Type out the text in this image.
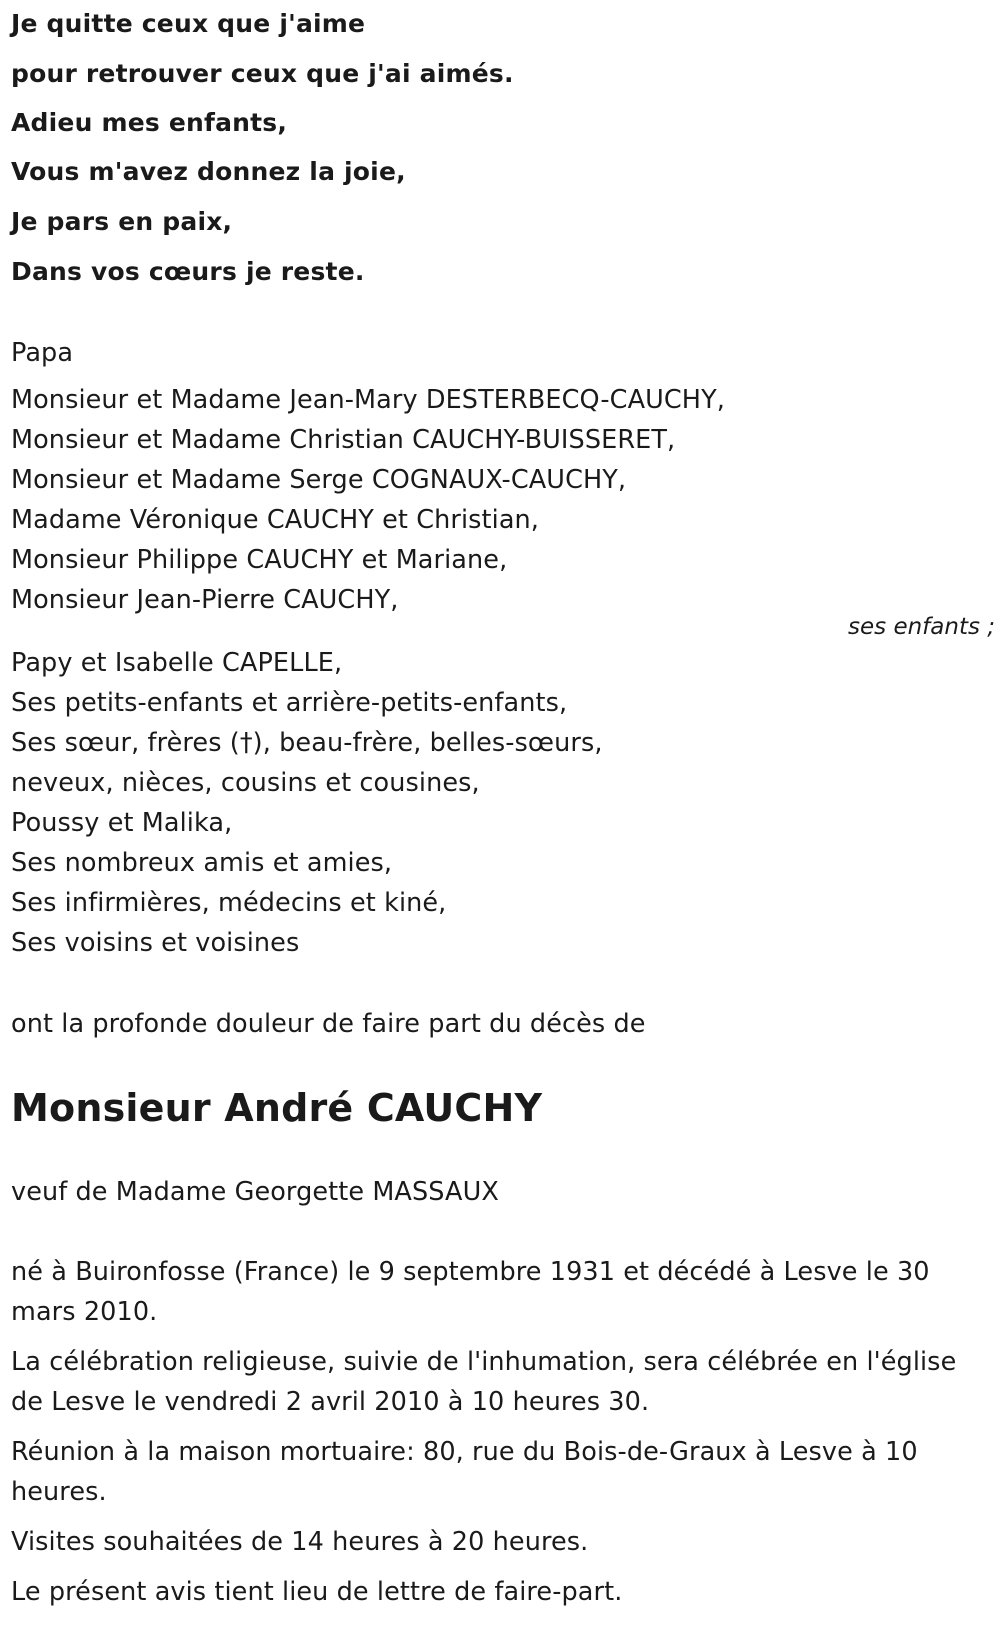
Je quitte ceux que j'aime

pour retrouver ceux que j'ai aimés.

Adieu mes enfants,

Vous m'avez donnez la joie,

Je pars en paix,

Dans vos cœurs je reste.

Papa

Monsieur et Madame Jean-Mary DESTERBECQ-CAUCHY,

Monsieur et Madame Christian CAUCHY-BUISSERET,

Monsieur et Madame Serge COGNAUX-CAUCHY,

Madame Véronique CAUCHY et Christian,

Monsieur Philippe CAUCHY et Mariane,

Monsieur Jean-Pierre CAUCHY,

ses enfants ;

Papy et Isabelle CAPELLE,

Ses petits-enfants et arrière-petits-enfants,

Ses sœur, frères (†), beau-frère, belles-sœurs,

neveux, nièces, cousins et cousines,

Poussy et Malika,

Ses nombreux amis et amies,

Ses infirmières, médecins et kiné,

Ses voisins et voisines

ont la profonde douleur de faire part du décès de

Monsieur André CAUCHY

veuf de Madame Georgette MASSAUX

né à Buironfosse (France) le 9 septembre 1931 et décédé à Lesve le 30 mars 2010.

La célébration religieuse, suivie de l'inhumation, sera célébrée en l'église de Lesve le vendredi 2 avril 2010 à 10 heures 30.

Réunion à la maison mortuaire: 80, rue du Bois-de-Graux à Lesve à 10 heures.

Visites souhaitées de 14 heures à 20 heures.

Le présent avis tient lieu de lettre de faire-part.
